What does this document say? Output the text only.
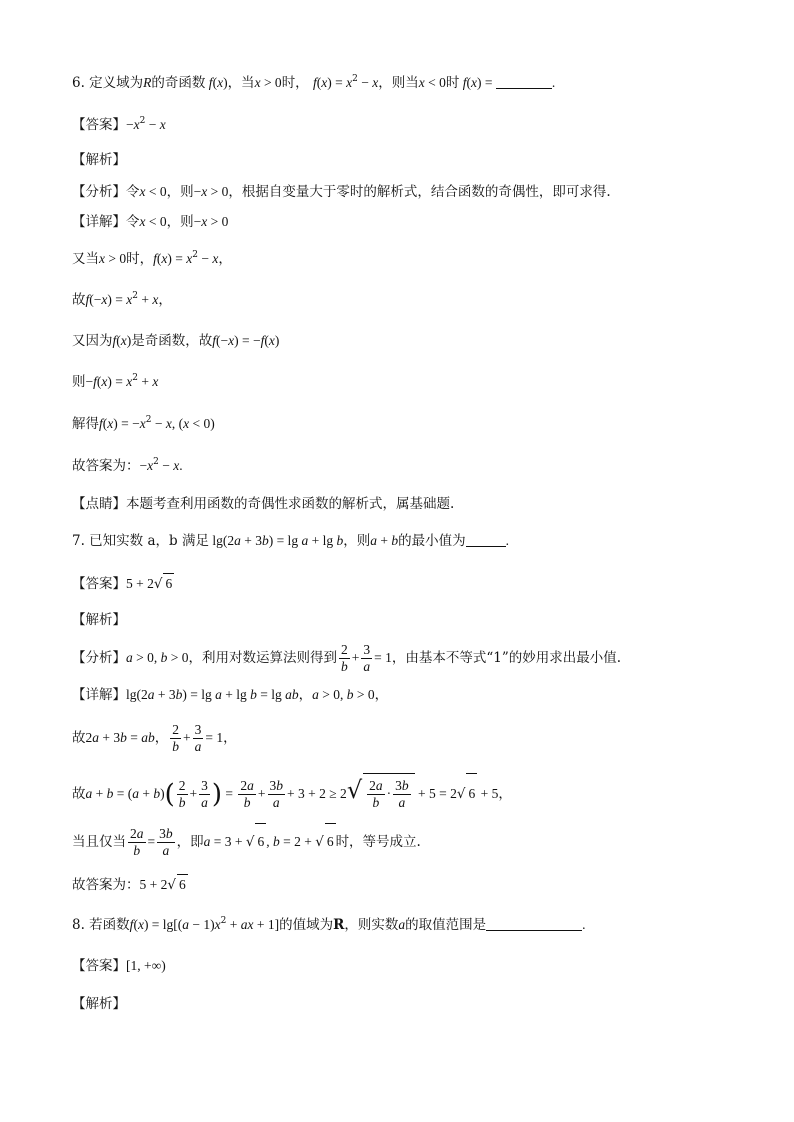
6. 定义域为R的奇函数 f(x)，当x > 0时， $f(x) = x^2 - x$，则当x < 0时 f(x) =	.
【答案】$-x^2 - x$
【解析】
【分析】令x < 0，则−x > 0，根据自变量大于零时的解析式，结合函数的奇偶性，即可求得.
【详解】令x < 0，则−x > 0
又当x > 0时，$f(x) = x^2 - x$，
故$f(-x) = x^2 + x$，
又因为f(x)是奇函数，故f(−x) = −f(x)
则$-f(x) = x^2 + x$
解得$f(x) = -x^2 - x$, (x < 0)
故答案为：$-x^2 - x$.
【点睛】本题考查利用函数的奇偶性求函数的解析式，属基础题.
7. 已知实数 a，b 满足 lg(2a + 3b) = lg a + lg b，则a + b的最小值为	.
【答案】5 + 2√ 6
【解析】
【分析】a > 0, b > 0，利用对数运算法则得到 $\frac{2}{b} + \frac{3}{a} = 1$，由基本不等式“1”的妙用求出最小值.
【详解】lg(2a + 3b) = lg a + lg b = lg ab，a > 0, b > 0，
故2a + 3b = ab， $\frac{2}{b} + \frac{3}{a} = 1$，
故$a + b = (a + b)( \frac{2}{b} + \frac{3}{a}$ ) = $\frac{2a}{b} + \frac{3b}{a} + 3 + 2 \ge 2√ \frac{2a}{b} \cdot \frac{3b}{a} + 5 = 2√$ 6 + 5，
当且仅当 $\frac{2a}{b} = \frac{3b}{a}$ ，即a = 3 + √ 6 , b = 2 + √ 6 时，等号成立.
故答案为：5 + 2√ 6
8. 若函数$f(x) = \lg[(a - 1)x^2$ + ax + 1]的值域为R，则实数a的取值范围是	.
【答案】[1, +∞)
【解析】
